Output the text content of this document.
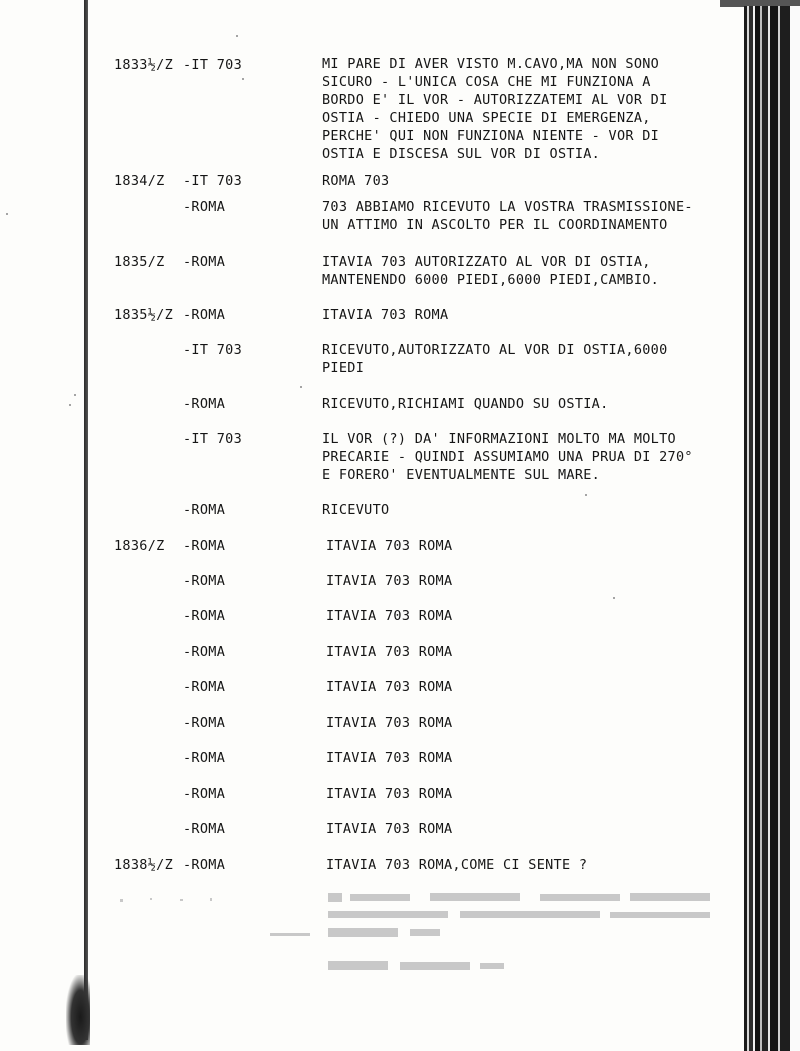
1833½/Z -IT 703	MI PARE DI AVER VISTO M.CAVO,MA NON SONO
SICURO - L'UNICA COSA CHE MI FUNZIONA A
BORDO E' IL VOR - AUTORIZZATEMI AL VOR DI
OSTIA - CHIEDO UNA SPECIE DI EMERGENZA,
PERCHE' QUI NON FUNZIONA NIENTE - VOR DI
OSTIA E DISCESA SUL VOR DI OSTIA.
1834/Z -IT 703	ROMA 703
-ROMA	703 ABBIAMO RICEVUTO LA VOSTRA TRASMISSIONE-
UN ATTIMO IN ASCOLTO PER IL COORDINAMENTO
1835/Z -ROMA	ITAVIA 703 AUTORIZZATO AL VOR DI OSTIA,
MANTENENDO 6000 PIEDI,6000 PIEDI,CAMBIO.
1835½/Z -ROMA	ITAVIA 703 ROMA
-IT 703	RICEVUTO,AUTORIZZATO AL VOR DI OSTIA,6000
PIEDI
-ROMA	RICEVUTO,RICHIAMI QUANDO SU OSTIA.
-IT 703	IL VOR (?) DA' INFORMAZIONI MOLTO MA MOLTO
PRECARIE - QUINDI ASSUMIAMO UNA PRUA DI 270°
E FORERO' EVENTUALMENTE SUL MARE.
-ROMA	RICEVUTO
1836/Z -ROMA	ITAVIA 703 ROMA
-ROMA	ITAVIA 703 ROMA
-ROMA	ITAVIA 703 ROMA
-ROMA	ITAVIA 703 ROMA
-ROMA	ITAVIA 703 ROMA
-ROMA	ITAVIA 703 ROMA
-ROMA	ITAVIA 703 ROMA
-ROMA	ITAVIA 703 ROMA
-ROMA	ITAVIA 703 ROMA
1838½/Z -ROMA	ITAVIA 703 ROMA,COME CI SENTE ?
